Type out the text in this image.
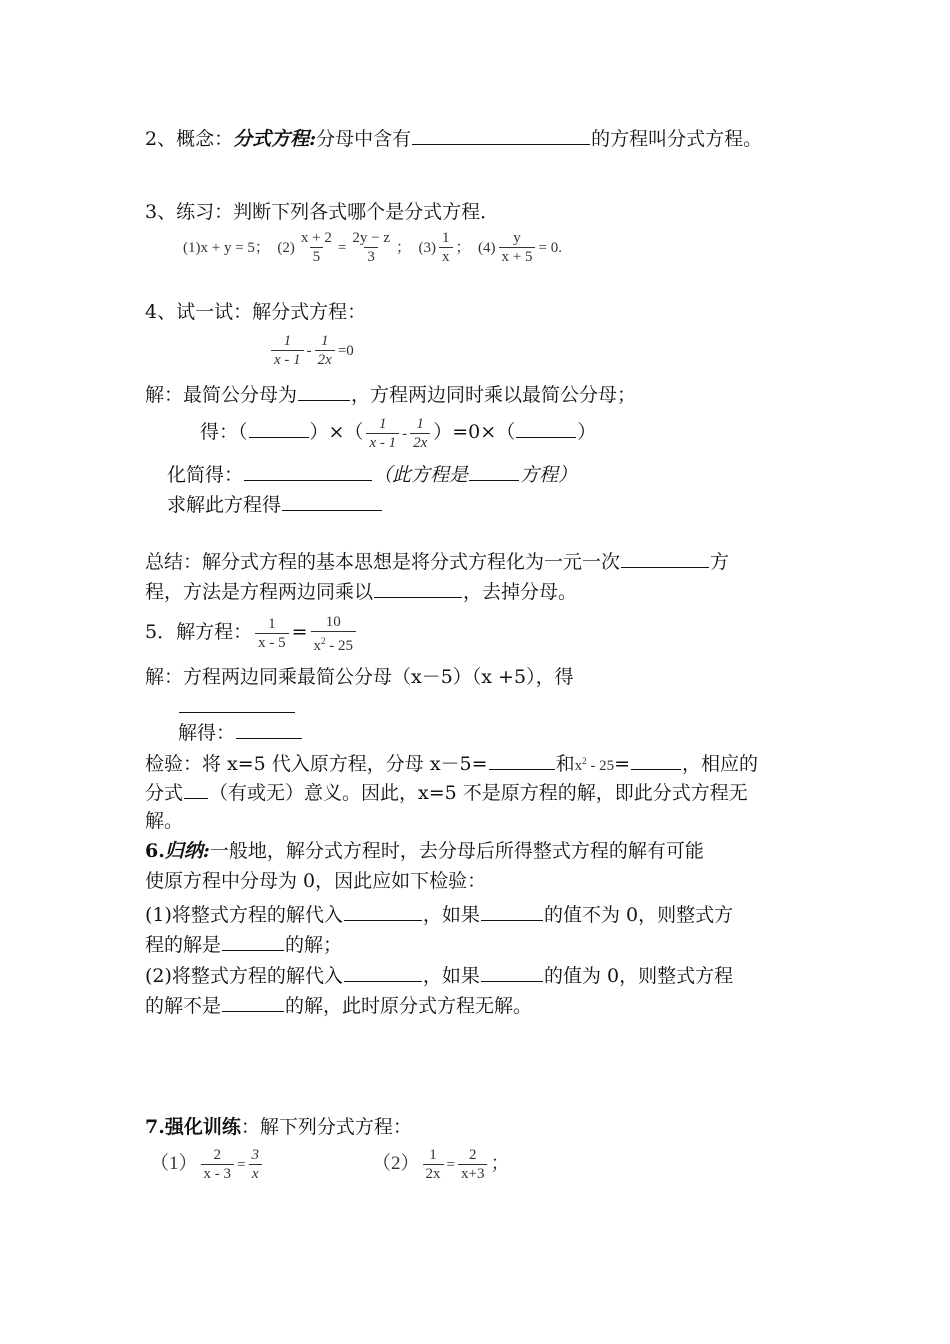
2、概念：分式方程:分母中含有	的方程叫分式方程。
3、练习：判断下列各式哪个是分式方程．
(1)x + y = 5； $(2) \frac{x + 2}{5} = \frac{2y - z}{3}$ ； $(3) \frac{1}{x}$ ； $(4) \frac{y}{x + 5} = 0$.
4、试一试：解分式方程：
$\frac{1}{x - 1} - \frac{1}{2x} =0$
解：最简公分母为	，方程两边同时乘以最简公分母；
得：（	）×（ $\frac{1}{x - 1} - \frac{1}{2x} )=0\times$（	）
化简得：	（此方程是	方程）
求解此方程得
总结：解分式方程的基本思想是将分式方程化为一元一次	方
程，方法是方程两边同乘以	，去掉分母。
5．解方程： $\frac{1}{x - 5} = \frac{10}{x^2 - 25}$
解：方程两边同乘最简公分母（x－5）（x +5），得
解得：
检验：将 x=5 代入原方程，分母 x－5=	和$x^2 - 25=$	，相应的
分式 （有或无）意义。因此，x=5 不是原方程的解，即此分式方程无
解。
6.归纳:一般地，解分式方程时，去分母后所得整式方程的解有可能
使原方程中分母为 0，因此应如下检验：
(1)将整式方程的解代入	，如果	的值不为 0，则整式方
程的解是	的解；
(2)将整式方程的解代入	，如果	的值为 0，则整式方程
的解不是	的解，此时原分式方程无解。
7.强化训练：解下列分式方程：
$(1) \frac{2}{x - 3} = \frac{3}{x}$	$(2) \frac{1}{2x} = \frac{2}{x+3}$ ；
